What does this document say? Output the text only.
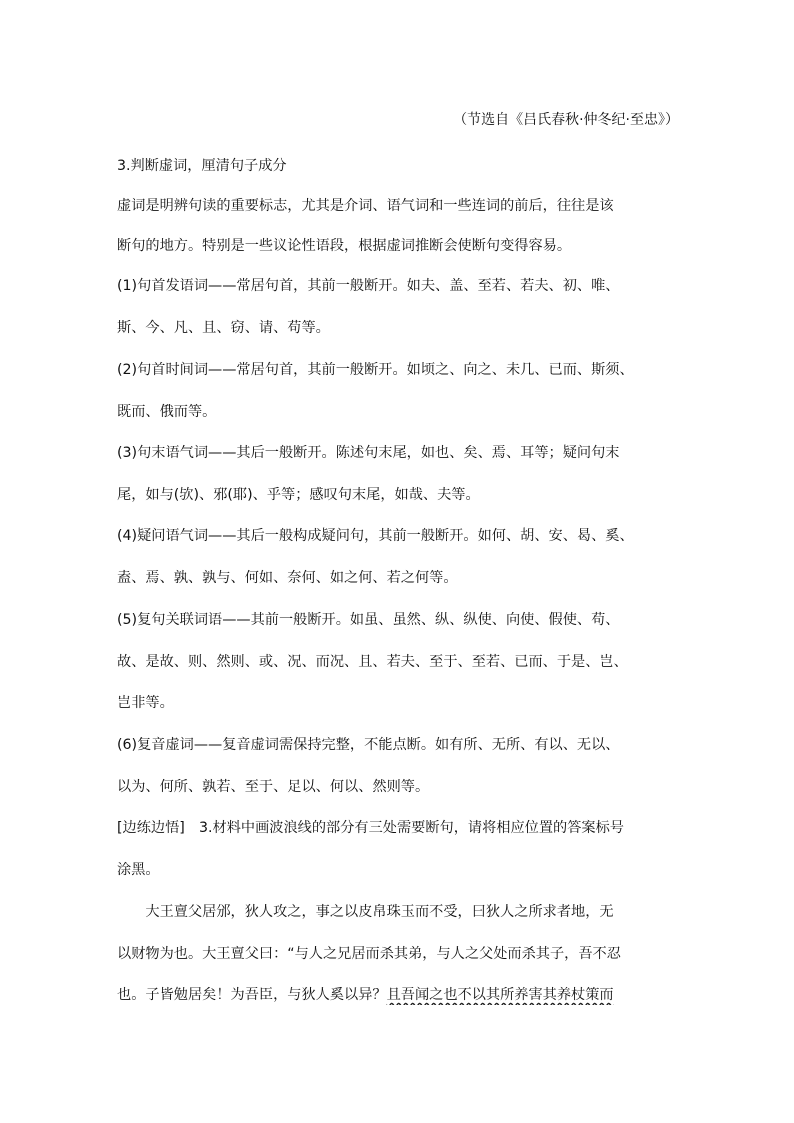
（节选自《吕氏春秋·仲冬纪·至忠》）
3.判断虚词，厘清句子成分
虚词是明辨句读的重要标志，尤其是介词、语气词和一些连词的前后，往往是该
断句的地方。特别是一些议论性语段，根据虚词推断会使断句变得容易。
(1)句首发语词——常居句首，其前一般断开。如夫、盖、至若、若夫、初、唯、
斯、今、凡、且、窃、请、苟等。
(2)句首时间词——常居句首，其前一般断开。如顷之、向之、未几、已而、斯须、
既而、俄而等。
(3)句末语气词——其后一般断开。陈述句末尾，如也、矣、焉、耳等；疑问句末
尾，如与(欤)、邪(耶)、乎等；感叹句末尾，如哉、夫等。
(4)疑问语气词——其后一般构成疑问句，其前一般断开。如何、胡、安、曷、奚、
盍、焉、孰、孰与、何如、奈何、如之何、若之何等。
(5)复句关联词语——其前一般断开。如虽、虽然、纵、纵使、向使、假使、苟、
故、是故、则、然则、或、况、而况、且、若夫、至于、至若、已而、于是、岂、
岂非等。
(6)复音虚词——复音虚词需保持完整，不能点断。如有所、无所、有以、无以、
以为、何所、孰若、至于、足以、何以、然则等。
[边练边悟]　3.材料中画波浪线的部分有三处需要断句，请将相应位置的答案标号
涂黑。
　　大王亶父居邠，狄人攻之，事之以皮帛珠玉而不受，曰狄人之所求者地，无
以财物为也。大王亶父曰：“与人之兄居而杀其弟，与人之父处而杀其子，吾不忍
也。子皆勉居矣！为吾臣，与狄人奚以异？且吾闻之也不以其所养害其养杖策而
